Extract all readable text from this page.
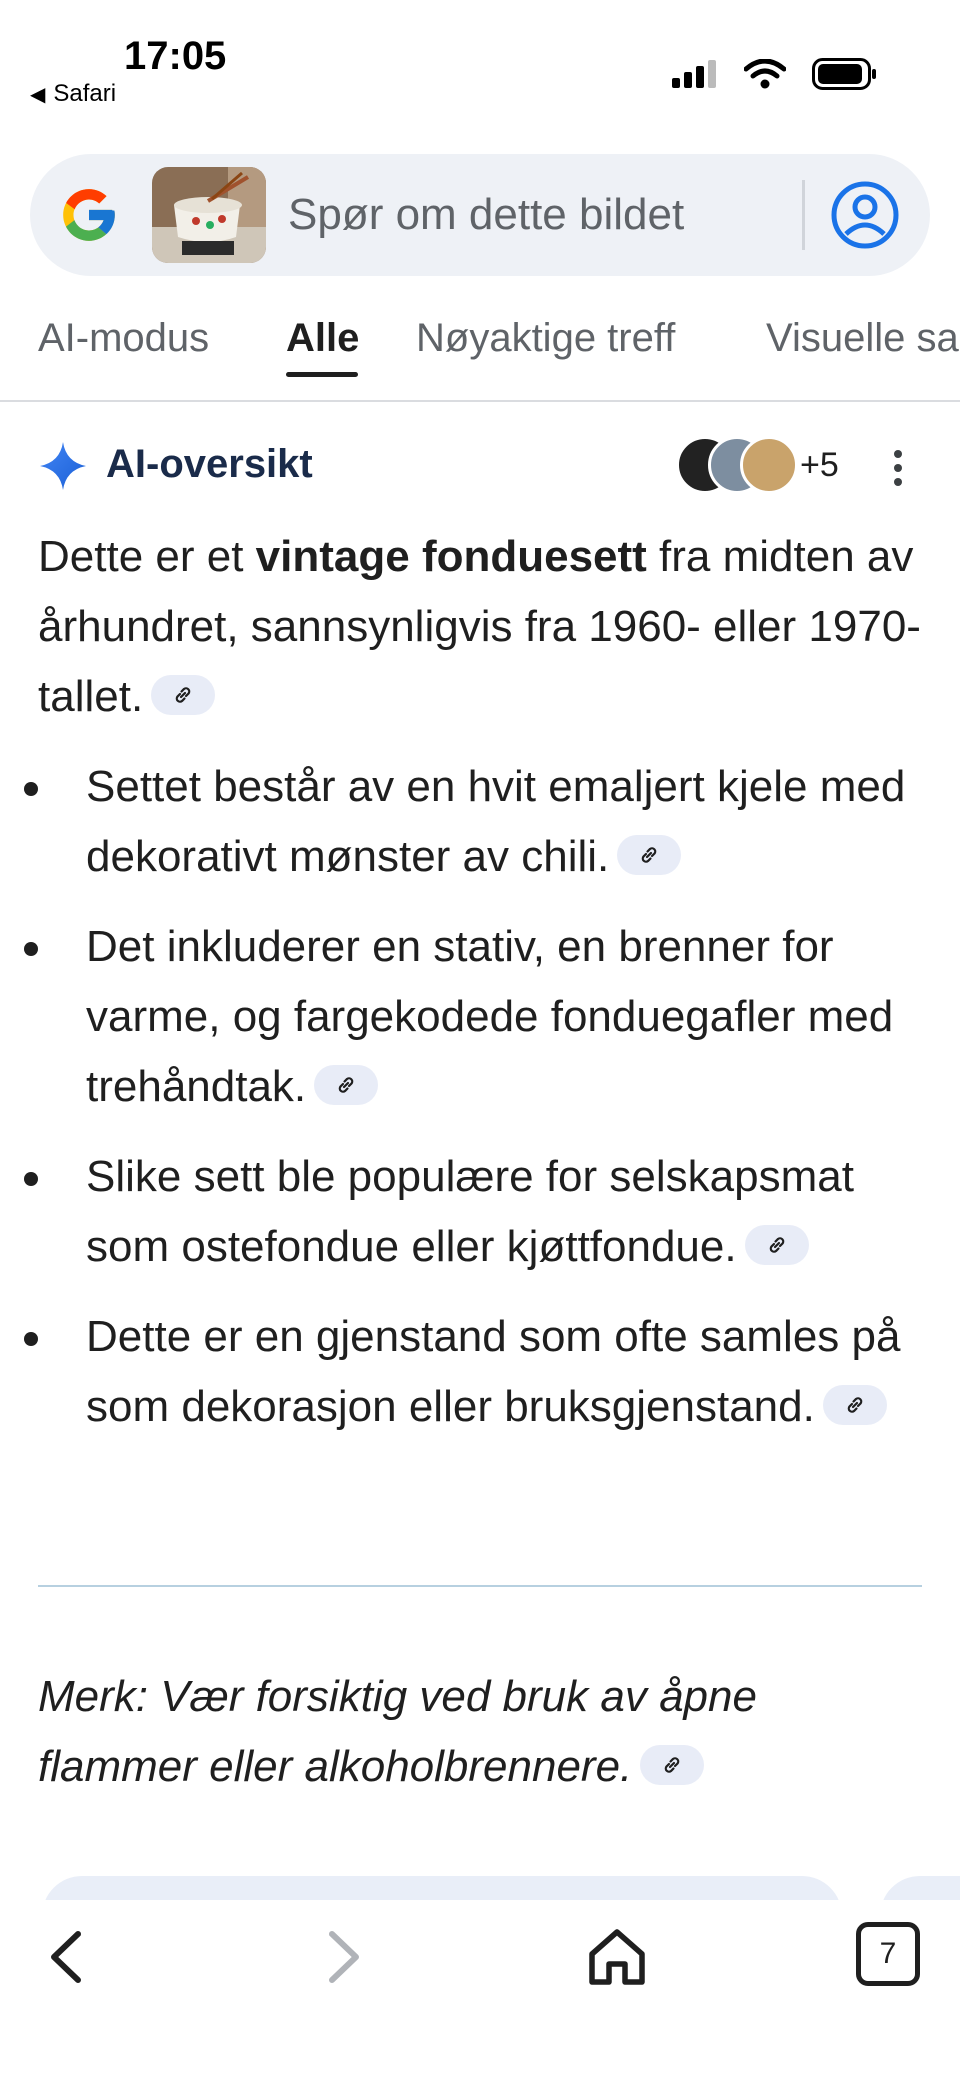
17:05
◀ Safari
Spør om dette bildet
AI-modus Alle Nøyaktige treff Visuelle sa
AI-oversikt	+5

Dette er et vintage fonduesett fra midten av århundret, sannsynligvis fra 1960- eller 1970-tallet.

Settet består av en hvit emaljert kjele med dekorativt mønster av chili.
Det inkluderer en stativ, en brenner for varme, og fargekodede fonduegafler med trehåndtak.
Slike sett ble populære for selskapsmat som ostefondue eller kjøttfondue.
Dette er en gjenstand som ofte samles på som dekorasjon eller bruksgjenstand.
Merk: Vær forsiktig ved bruk av åpne flammer eller alkoholbrennere.
7
